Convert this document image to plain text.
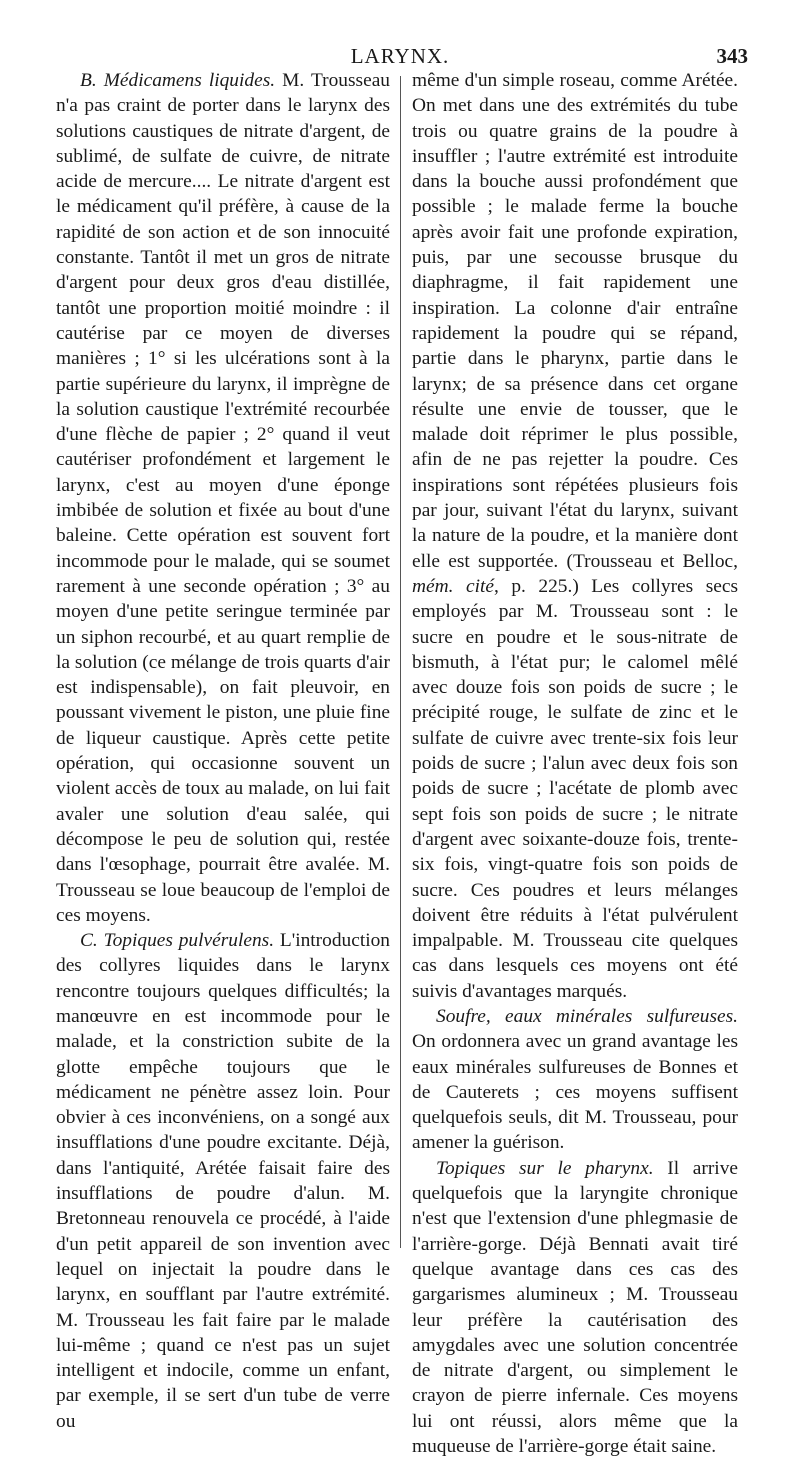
LARYNX.	343

B. Médicamens liquides. M. Trousseau n'a pas craint de porter dans le larynx des solutions caustiques de nitrate d'argent, de sublimé, de sulfate de cuivre, de nitrate acide de mercure.... Le nitrate d'argent est le médicament qu'il préfère, à cause de la rapidité de son action et de son innocuité constante. Tantôt il met un gros de nitrate d'argent pour deux gros d'eau distillée, tantôt une proportion moitié moindre : il cautérise par ce moyen de diverses manières ; 1° si les ulcérations sont à la partie supérieure du larynx, il imprègne de la solution caustique l'extrémité recourbée d'une flèche de papier ; 2° quand il veut cautériser profondément et largement le larynx, c'est au moyen d'une éponge imbibée de solution et fixée au bout d'une baleine. Cette opération est souvent fort incommode pour le malade, qui se soumet rarement à une seconde opération ; 3° au moyen d'une petite seringue terminée par un siphon recourbé, et au quart remplie de la solution (ce mélange de trois quarts d'air est indispensable), on fait pleuvoir, en poussant vivement le piston, une pluie fine de liqueur caustique. Après cette petite opération, qui occasionne souvent un violent accès de toux au malade, on lui fait avaler une solution d'eau salée, qui décompose le peu de solution qui, restée dans l'œsophage, pourrait être avalée. M. Trousseau se loue beaucoup de l'emploi de ces moyens.

C. Topiques pulvérulens. L'introduction des collyres liquides dans le larynx rencontre toujours quelques difficultés; la manœuvre en est incommode pour le malade, et la constriction subite de la glotte empêche toujours que le médicament ne pénètre assez loin. Pour obvier à ces inconvéniens, on a songé aux insufflations d'une poudre excitante. Déjà, dans l'antiquité, Arétée faisait faire des insufflations de poudre d'alun. M. Bretonneau renouvela ce procédé, à l'aide d'un petit appareil de son invention avec lequel on injectait la poudre dans le larynx, en soufflant par l'autre extrémité. M. Trousseau les fait faire par le malade lui-même ; quand ce n'est pas un sujet intelligent et indocile, comme un enfant, par exemple, il se sert d'un tube de verre ou

même d'un simple roseau, comme Arétée. On met dans une des extrémités du tube trois ou quatre grains de la poudre à insuffler ; l'autre extrémité est introduite dans la bouche aussi profondément que possible ; le malade ferme la bouche après avoir fait une profonde expiration, puis, par une secousse brusque du diaphragme, il fait rapidement une inspiration. La colonne d'air entraîne rapidement la poudre qui se répand, partie dans le pharynx, partie dans le larynx; de sa présence dans cet organe résulte une envie de tousser, que le malade doit réprimer le plus possible, afin de ne pas rejetter la poudre. Ces inspirations sont répétées plusieurs fois par jour, suivant l'état du larynx, suivant la nature de la poudre, et la manière dont elle est supportée. (Trousseau et Belloc, mém. cité, p. 225.) Les collyres secs employés par M. Trousseau sont : le sucre en poudre et le sous-nitrate de bismuth, à l'état pur; le calomel mêlé avec douze fois son poids de sucre ; le précipité rouge, le sulfate de zinc et le sulfate de cuivre avec trente-six fois leur poids de sucre ; l'alun avec deux fois son poids de sucre ; l'acétate de plomb avec sept fois son poids de sucre ; le nitrate d'argent avec soixante-douze fois, trente-six fois, vingt-quatre fois son poids de sucre. Ces poudres et leurs mélanges doivent être réduits à l'état pulvérulent impalpable. M. Trousseau cite quelques cas dans lesquels ces moyens ont été suivis d'avantages marqués.

Soufre, eaux minérales sulfureuses. On ordonnera avec un grand avantage les eaux minérales sulfureuses de Bonnes et de Cauterets ; ces moyens suffisent quelquefois seuls, dit M. Trousseau, pour amener la guérison.

Topiques sur le pharynx. Il arrive quelquefois que la laryngite chronique n'est que l'extension d'une phlegmasie de l'arrière-gorge. Déjà Bennati avait tiré quelque avantage dans ces cas des gargarismes alumineux ; M. Trousseau leur préfère la cautérisation des amygdales avec une solution concentrée de nitrate d'argent, ou simplement le crayon de pierre infernale. Ces moyens lui ont réussi, alors même que la muqueuse de l'arrière-gorge était saine.
